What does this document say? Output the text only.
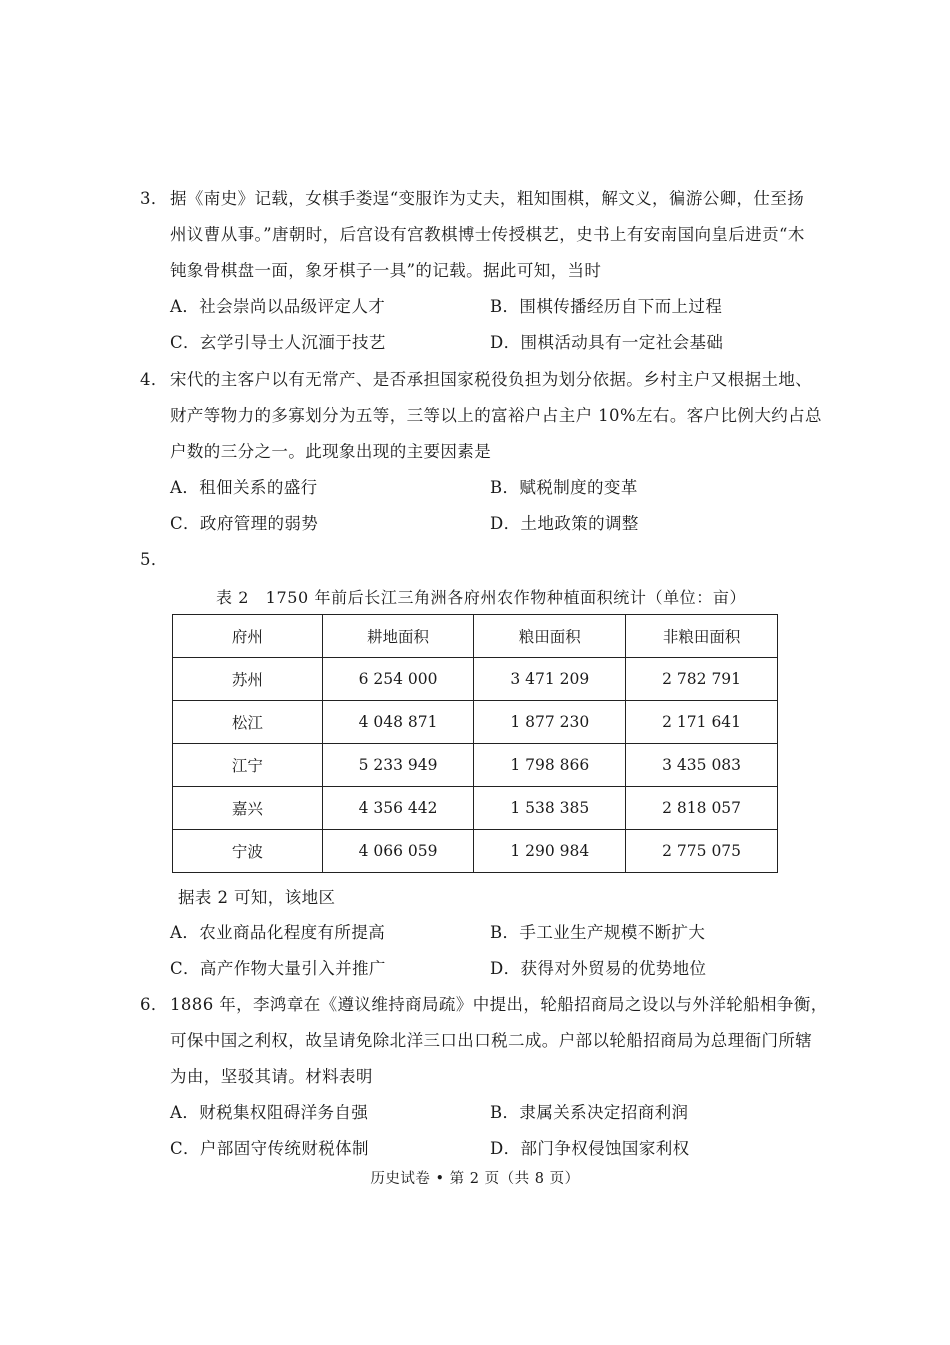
3． 据《南史》记载，女棋手娄逞“变服诈为丈夫，粗知围棋，解文义，徧游公卿，仕至扬
州议曹从事。”唐朝时，后宫设有宫教棋博士传授棋艺，史书上有安南国向皇后进贡“木
钝象骨棋盘一面，象牙棋子一具”的记载。据此可知，当时
A．社会崇尚以品级评定人才	B．围棋传播经历自下而上过程
C．玄学引导士人沉湎于技艺	D．围棋活动具有一定社会基础
4． 宋代的主客户以有无常产、是否承担国家税役负担为划分依据。乡村主户又根据土地、
财产等物力的多寡划分为五等，三等以上的富裕户占主户 10%左右。客户比例大约占总
户数的三分之一。此现象出现的主要因素是
A．租佃关系的盛行	B．赋税制度的变革
C．政府管理的弱势	D．土地政策的调整
5．
表 2　1750 年前后长江三角洲各府州农作物种植面积统计（单位：亩）
府州	耕地面积	粮田面积	非粮田面积
苏州	6 254 000	3 471 209	2 782 791
松江	4 048 871	1 877 230	2 171 641
江宁	5 233 949	1 798 866	3 435 083
嘉兴	4 356 442	1 538 385	2 818 057
宁波	4 066 059	1 290 984	2 775 075
据表 2 可知，该地区
A．农业商品化程度有所提高	B．手工业生产规模不断扩大
C．高产作物大量引入并推广	D．获得对外贸易的优势地位
6． 1886 年，李鸿章在《遵议维持商局疏》中提出，轮船招商局之设以与外洋轮船相争衡，
可保中国之利权，故呈请免除北洋三口出口税二成。户部以轮船招商局为总理衙门所辖
为由，坚驳其请。材料表明
A．财税集权阻碍洋务自强	B．隶属关系决定招商利润
C．户部固守传统财税体制	D．部门争权侵蚀国家利权
历史试卷 • 第 2 页（共 8 页）
